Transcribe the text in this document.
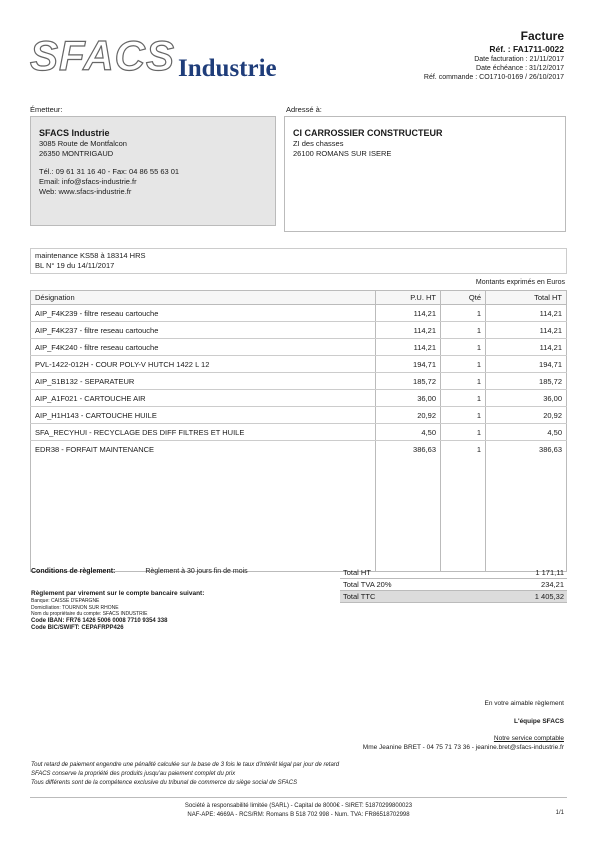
SFACS Industrie
Facture
Réf. : FA1711-0022
Date facturation : 21/11/2017
Date échéance : 31/12/2017
Réf. commande : CO1710-0169 / 26/10/2017
Émetteur:	Adressé à:
SFACS Industrie
3085 Route de Montfalcon
26350 MONTRIGAUD
Tél.: 09 61 31 16 40 - Fax: 04 86 55 63 01
Email: info@sfacs-industrie.fr
Web: www.sfacs-industrie.fr
CI CARROSSIER CONSTRUCTEUR
ZI des chasses
26100 ROMANS SUR ISERE
maintenance KS58 à 18314 HRS
BL N° 19 du 14/11/2017
Montants exprimés en Euros
Désignation	P.U. HT	Qté	Total HT
AIP_F4K239 - filtre reseau cartouche	114,21	1	114,21
AIP_F4K237 - filtre reseau cartouche	114,21	1	114,21
AIP_F4K240 - filtre reseau cartouche	114,21	1	114,21
PVL-1422-012H - COUR POLY-V HUTCH 1422 L 12	194,71	1	194,71
AIP_S1B132 - SEPARATEUR	185,72	1	185,72
AIP_A1F021 - CARTOUCHE AIR	36,00	1	36,00
AIP_H1H143 - CARTOUCHE HUILE	20,92	1	20,92
SFA_RECYHUI - RECYCLAGE DES DIFF FILTRES ET HUILE	4,50	1	4,50
EDR38 - FORFAIT MAINTENANCE	386,63	1	386,63

Conditions de règlement:	Règlement à 30 jours fin de mois
Règlement par virement sur le compte bancaire suivant:
Banque: CAISSE D'EPARGNE
Domiciliation: TOURNON SUR RHONE
Nom du propriétaire du compte: SFACS INDUSTRIE
Code IBAN: FR76 1426 5006 0008 7710 9354 338
Code BIC/SWIFT: CEPAFRPP426
Total HT	1 171,11
Total TVA 20%	234,21
Total TTC	1 405,32
En votre aimable règlement
L'équipe SFACS
Notre service comptable
Mme Jeanine BRET - 04 75 71 73 36 - jeanine.bret@sfacs-industrie.fr
Tout retard de paiement engendre une pénalité calculée sur la base de 3 fois le taux d'intérêt légal par jour de retard
SFACS conserve la propriété des produits jusqu'au paiement complet du prix
Tous différents sont de la compétence exclusive du tribunal de commerce du siège social de SFACS
Société à responsabilité limitée (SARL) - Capital de 8000€ - SIRET: 51870299800023
NAF-APE: 4669A - RCS/RM: Romans B 518 702 998 - Num. TVA: FR86518702998	1/1
